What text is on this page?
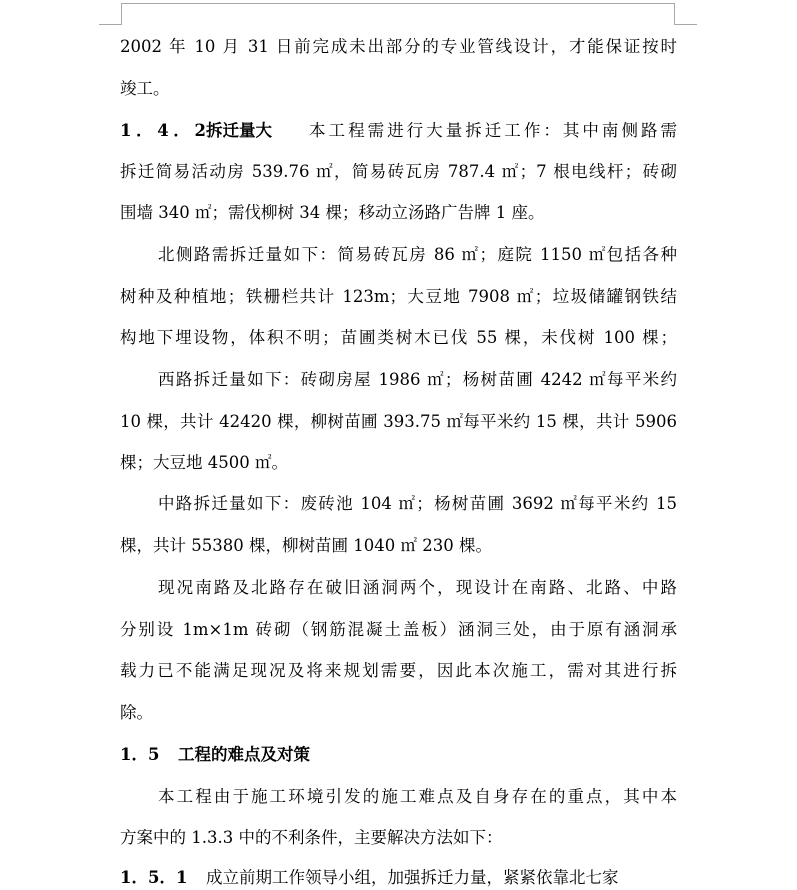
2002 年 10 月 31 日前完成未出部分的专业管线设计，才能保证按时
竣工。
1．4．2拆迁量大 本工程需进行大量拆迁工作：其中南侧路需
拆迁简易活动房 539.76 ㎡，简易砖瓦房 787.4 ㎡；7 根电线杆；砖砌
围墙 340 ㎡；需伐柳树 34 棵；移动立汤路广告牌 1 座。
北侧路需拆迁量如下：简易砖瓦房 86 ㎡；庭院 1150 ㎡包括各种
树种及种植地；铁栅栏共计 123m；大豆地 7908 ㎡；垃圾储罐钢铁结
构地下埋设物，体积不明；苗圃类树木已伐 55 棵，未伐树 100 棵；
西路拆迁量如下：砖砌房屋 1986 ㎡；杨树苗圃 4242 ㎡每平米约
10 棵，共计 42420 棵，柳树苗圃 393.75 ㎡每平米约 15 棵，共计 5906
棵；大豆地 4500 ㎡。
中路拆迁量如下：废砖池 104 ㎡；杨树苗圃 3692 ㎡每平米约 15
棵，共计 55380 棵，柳树苗圃 1040 ㎡ 230 棵。
现况南路及北路存在破旧涵洞两个，现设计在南路、北路、中路
分别设 1m×1m 砖砌（钢筋混凝土盖板）涵洞三处，由于原有涵洞承
载力已不能满足现况及将来规划需要，因此本次施工，需对其进行拆
除。
1．5 工程的难点及对策
本工程由于施工环境引发的施工难点及自身存在的重点，其中本
方案中的 1.3.3 中的不利条件，主要解决方法如下：
1．5．1 成立前期工作领导小组，加强拆迁力量，紧紧依靠北七家
